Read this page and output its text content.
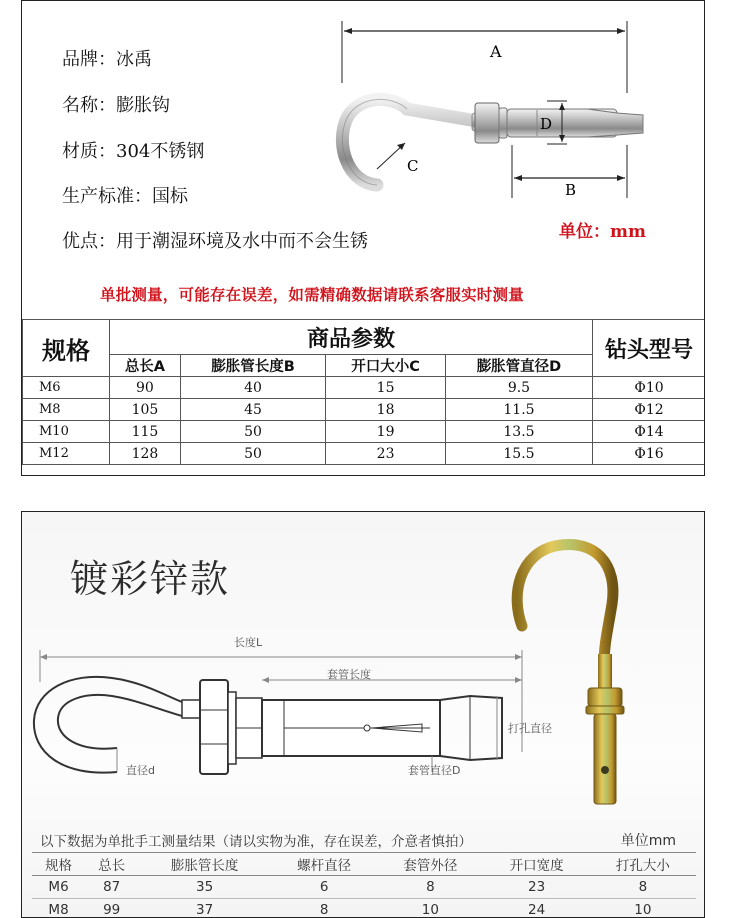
品牌：冰禹
名称：膨胀钩
材质：304不锈钢
生产标准：国标
优点：用于潮湿环境及水中而不会生锈	单位：mm
A
D
C
B
单批测量，可能存在误差，如需精确数据请联系客服实时测量
规格	商品参数				钻头型号
	总长A	膨胀管长度B	开口大小C	膨胀管直径D	
M6	90	40	15	9.5	Φ10
M8	105	45	18	11.5	Φ12
M10	115	50	19	13.5	Φ14
M12	128	50	23	15.5	Φ16
镀彩锌款
长度L
套管长度
打孔直径
套管直径D
直径d
以下数据为单批手工测量结果（请以实物为准，存在误差，介意者慎拍）	单位mm
规格	总长	膨胀管长度	螺杆直径	套管外径	开口宽度	打孔大小
M6	87	35	6	8	23	8
M8	99	37	8	10	24	10
